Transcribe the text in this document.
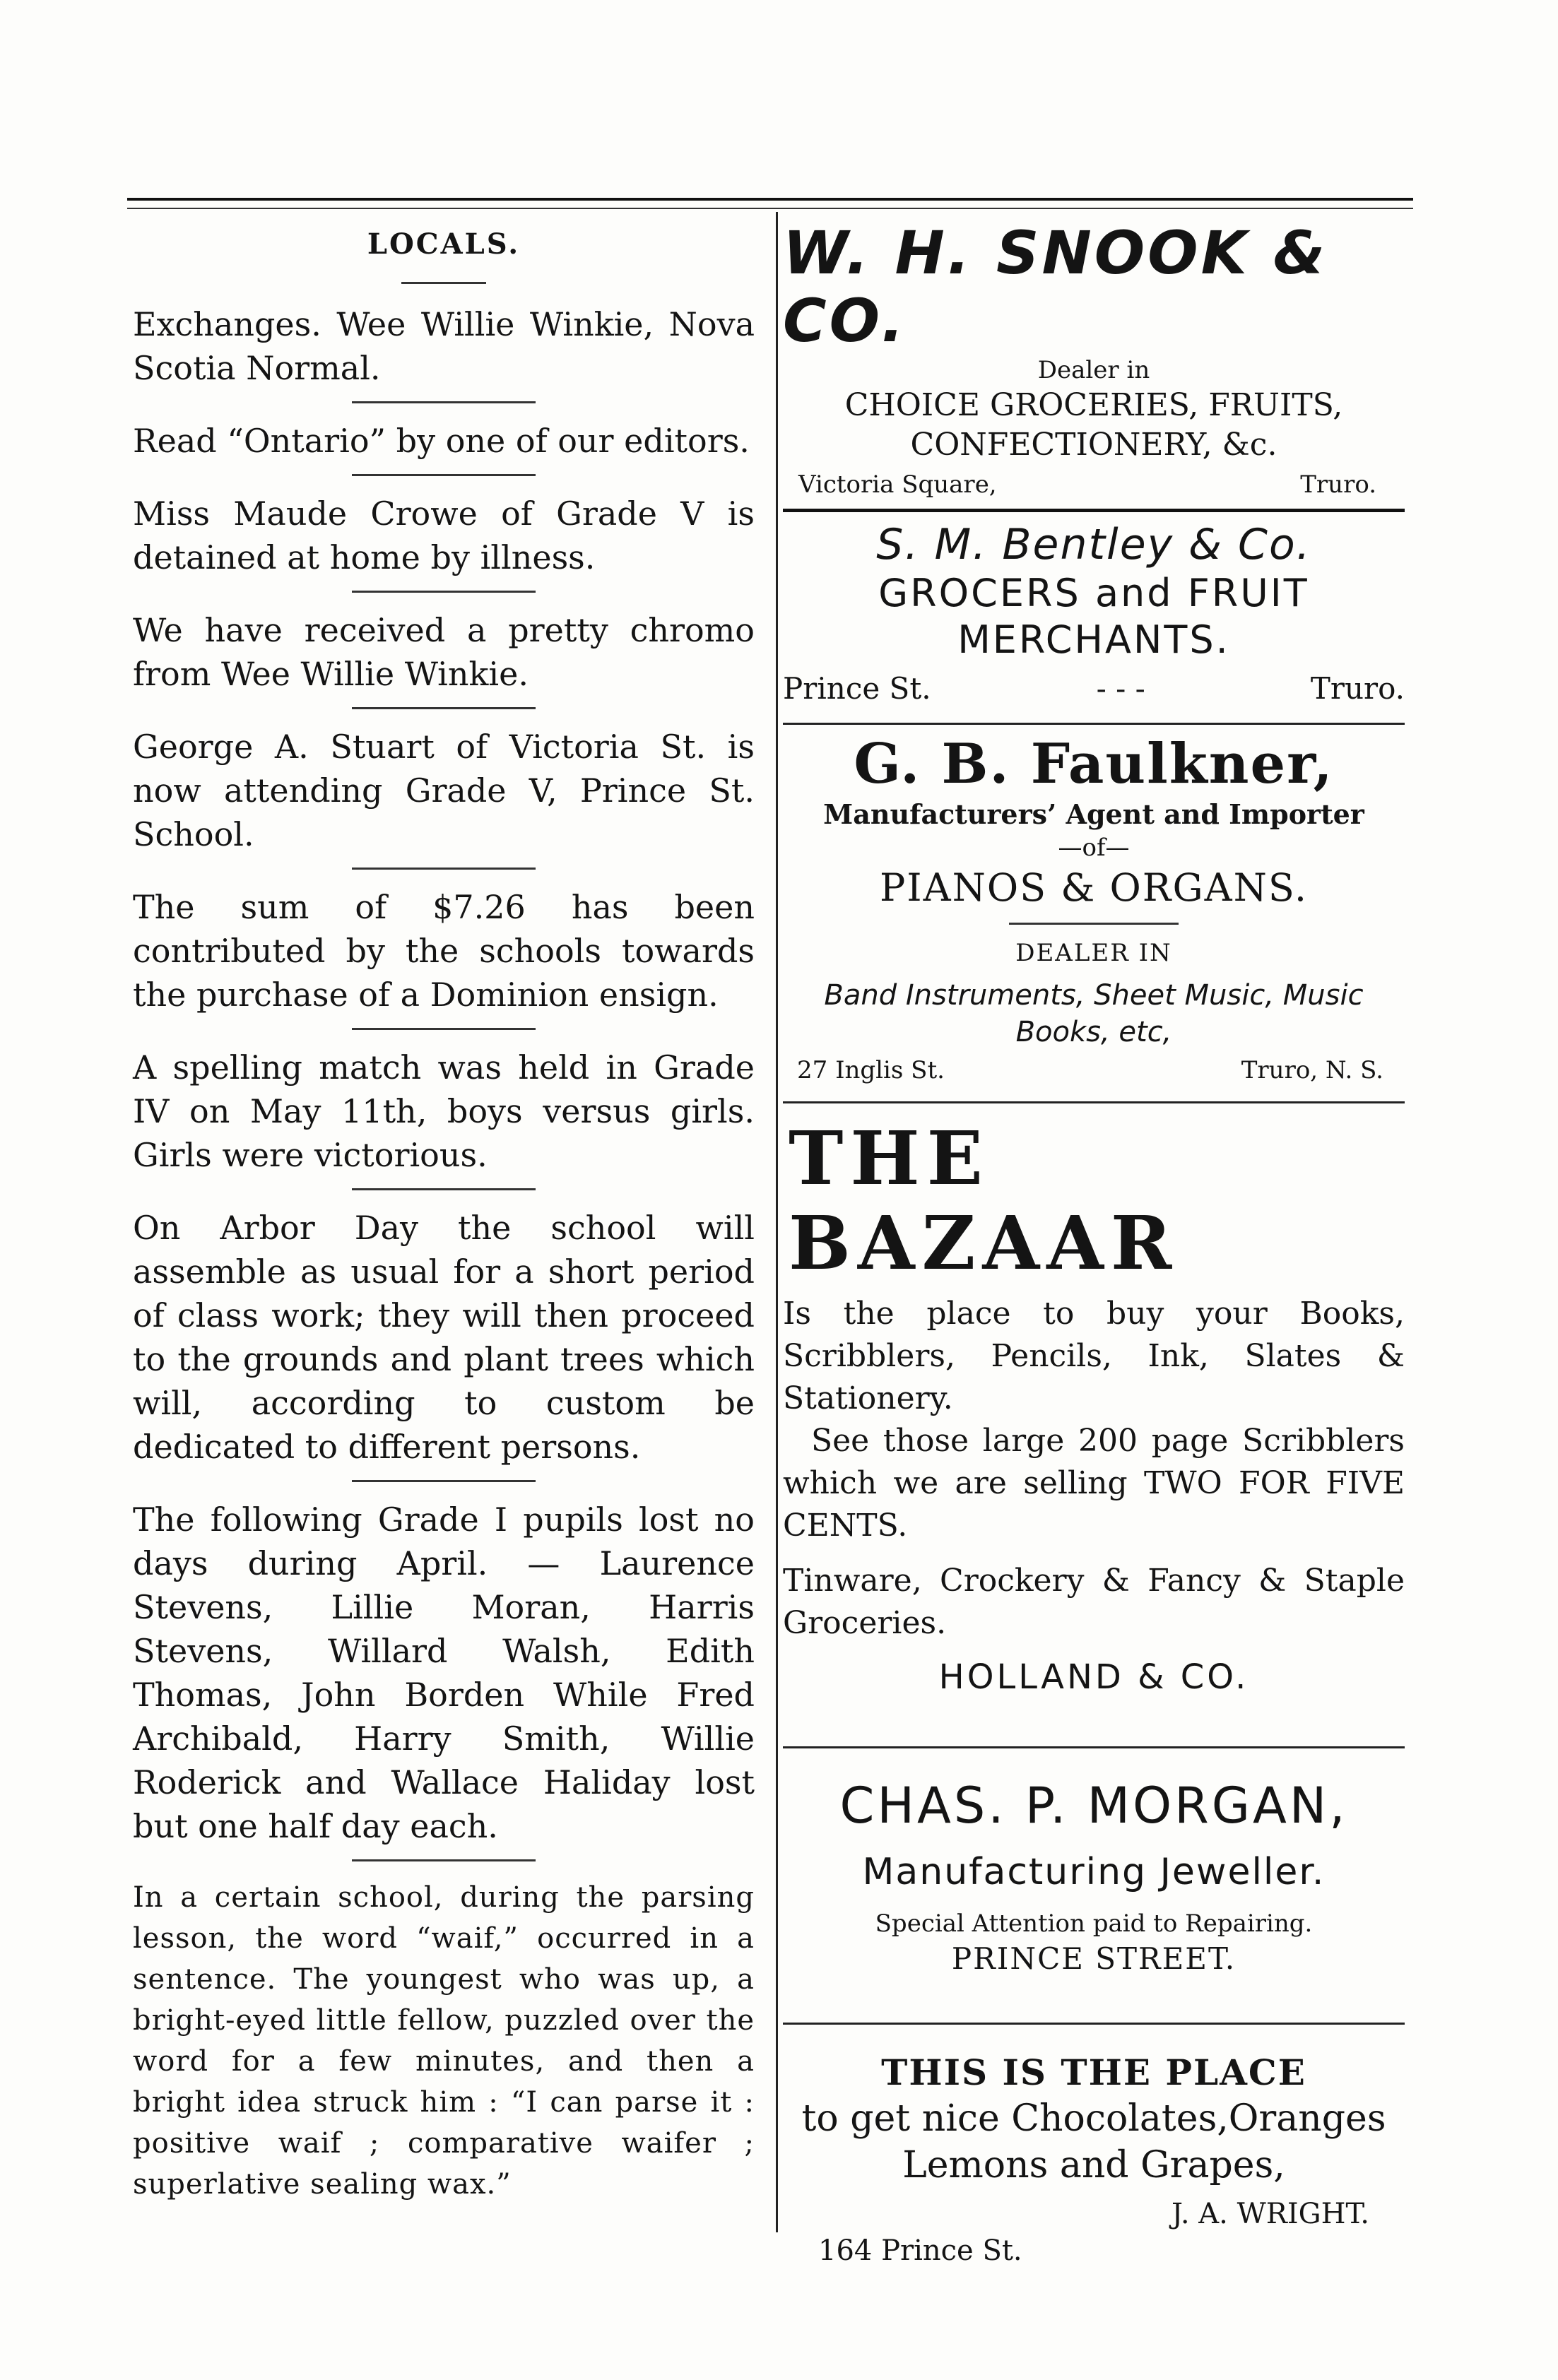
LOCALS.

Exchanges. Wee Willie Winkie, Nova Scotia Normal.

Read “Ontario” by one of our editors.

Miss Maude Crowe of Grade V is detained at home by illness.

We have received a pretty chromo from Wee Willie Winkie.

George A. Stuart of Victoria St. is now attending Grade V, Prince St. School.

The sum of $7.26 has been contributed by the schools towards the purchase of a Dominion ensign.

A spelling match was held in Grade IV on May 11th, boys versus girls. Girls were victorious.

On Arbor Day the school will assemble as usual for a short period of class work; they will then proceed to the grounds and plant trees which will, according to custom be dedicated to different persons.

The following Grade I pupils lost no days during April. — Laurence Stevens, Lillie Moran, Harris Stevens, Willard Walsh, Edith Thomas, John Borden While Fred Archibald, Harry Smith, Willie Roderick and Wallace Haliday lost but one half day each.

In a certain school, during the parsing lesson, the word “waif,” occurred in a sentence. The youngest who was up, a bright-eyed little fellow, puzzled over the word for a few minutes, and then a bright idea struck him : “I can parse it : positive waif ; comparative waifer ; superlative sealing wax.”

W. H. SNOOK & CO.
Dealer in
CHOICE GROCERIES, FRUITS,
CONFECTIONERY, &c.
Victoria Square,	Truro.
S. M. Bentley & Co.
GROCERS and FRUIT
MERCHANTS.
Prince St.	- - -	Truro.
G. B. Faulkner,
Manufacturers’ Agent and Importer
—of—
PIANOS & ORGANS.
DEALER IN
Band Instruments, Sheet Music, Music
Books, etc,
27 Inglis St.	Truro, N. S.
THE BAZAAR

Is the place to buy your Books, Scribblers, Pencils, Ink, Slates & Stationery.

See those large 200 page Scribblers which we are selling TWO FOR FIVE CENTS.

Tinware, Crockery & Fancy & Staple Groceries.

HOLLAND & CO.
CHAS. P. MORGAN,
Manufacturing Jeweller.
Special Attention paid to Repairing.
PRINCE STREET.
THIS IS THE PLACE
to get nice Chocolates,Oranges
Lemons and Grapes,
J. A. WRIGHT.
164 Prince St.
